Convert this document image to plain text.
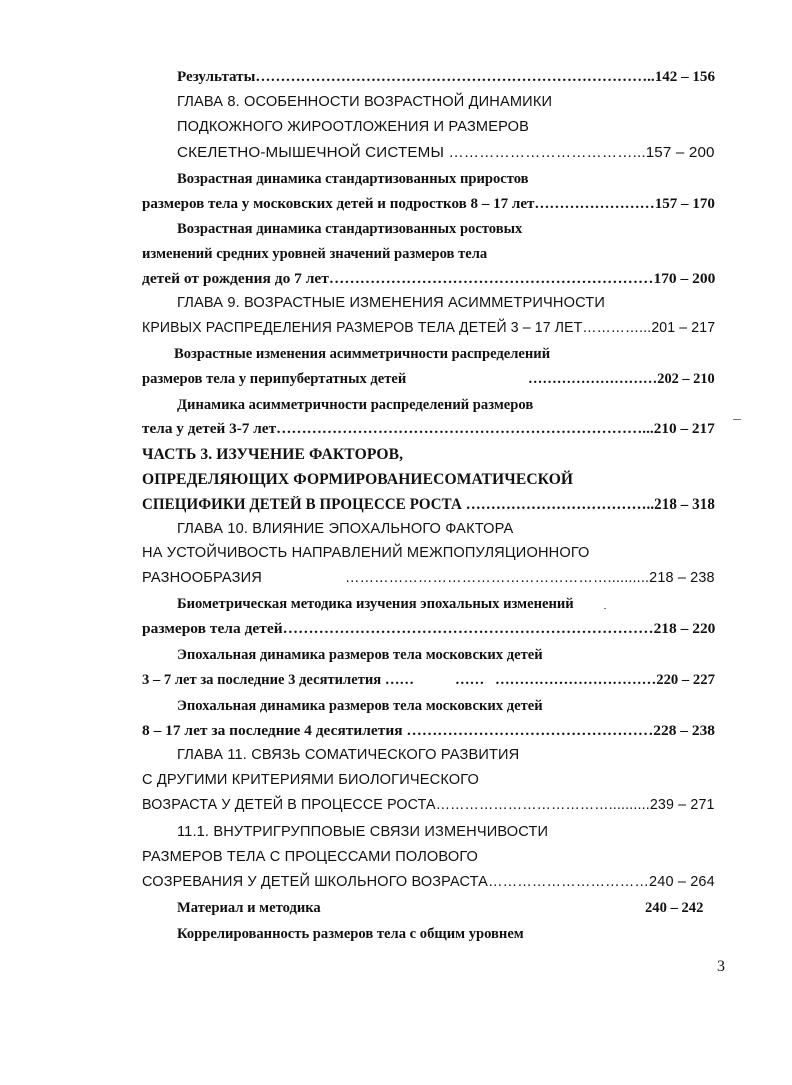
Результаты……………………………………………………………………..142 – 156
ГЛАВА 8. ОСОБЕННОСТИ ВОЗРАСТНОЙ ДИНАМИКИ
ПОДКОЖНОГО ЖИРООТЛОЖЕНИЯ И РАЗМЕРОВ
СКЕЛЕТНО-МЫШЕЧНОЙ СИСТЕМЫ ………………………………...157 – 200
Возрастная динамика стандартизованных приростов
размеров тела у московских детей и подростков 8 – 17 лет……………………157 – 170
Возрастная динамика стандартизованных ростовых
изменений средних уровней значений размеров тела
детей от рождения до 7 лет………………………………………………………170 – 200
ГЛАВА 9. ВОЗРАСТНЫЕ ИЗМЕНЕНИЯ АСИММЕТРИЧНОСТИ
КРИВЫХ РАСПРЕДЕЛЕНИЯ РАЗМЕРОВ ТЕЛА ДЕТЕЙ 3 – 17 ЛЕТ…………...201 – 217
Возрастные изменения асимметричности распределений
размеров тела у перипубертатных детей	………………………202 – 210
Динамика асимметричности распределений размеров
тела у детей 3-7 лет………………………………………………………………...210 – 217
ЧАСТЬ 3. ИЗУЧЕНИЕ ФАКТОРОВ,
ОПРЕДЕЛЯЮЩИХ ФОРМИРОВАНИЕСОМАТИЧЕСКОЙ
СПЕЦИФИКИ ДЕТЕЙ В ПРОЦЕССЕ РОСТА ………………………………..218 – 318
ГЛАВА 10. ВЛИЯНИЕ ЭПОХАЛЬНОГО ФАКТОРА
НА УСТОЙЧИВОСТЬ НАПРАВЛЕНИЙ МЕЖПОПУЛЯЦИОННОГО
РАЗНООБРАЗИЯ	………………………………………………..........218 – 238
Биометрическая методика изучения эпохальных изменений
размеров тела детей………………………………………………………………218 – 220
Эпохальная динамика размеров тела московских детей
3 – 7 лет за последние 3 десятилетия ……	…… ……………………………220 – 227
Эпохальная динамика размеров тела московских детей
8 – 17 лет за последние 4 десятилетия …………………………………………228 – 238
ГЛАВА 11. СВЯЗЬ СОМАТИЧЕСКОГО РАЗВИТИЯ
С ДРУГИМИ КРИТЕРИЯМИ БИОЛОГИЧЕСКОГО
ВОЗРАСТА У ДЕТЕЙ В ПРОЦЕССЕ РОСТА………………………………..........239 – 271
11.1. ВНУТРИГРУППОВЫЕ СВЯЗИ ИЗМЕНЧИВОСТИ
РАЗМЕРОВ ТЕЛА С ПРОЦЕССАМИ ПОЛОВОГО
СОЗРЕВАНИЯ У ДЕТЕЙ ШКОЛЬНОГО ВОЗРАСТА……………………………240 – 264
Материал и методика	240 – 242
Коррелированность размеров тела с общим уровнем
3
